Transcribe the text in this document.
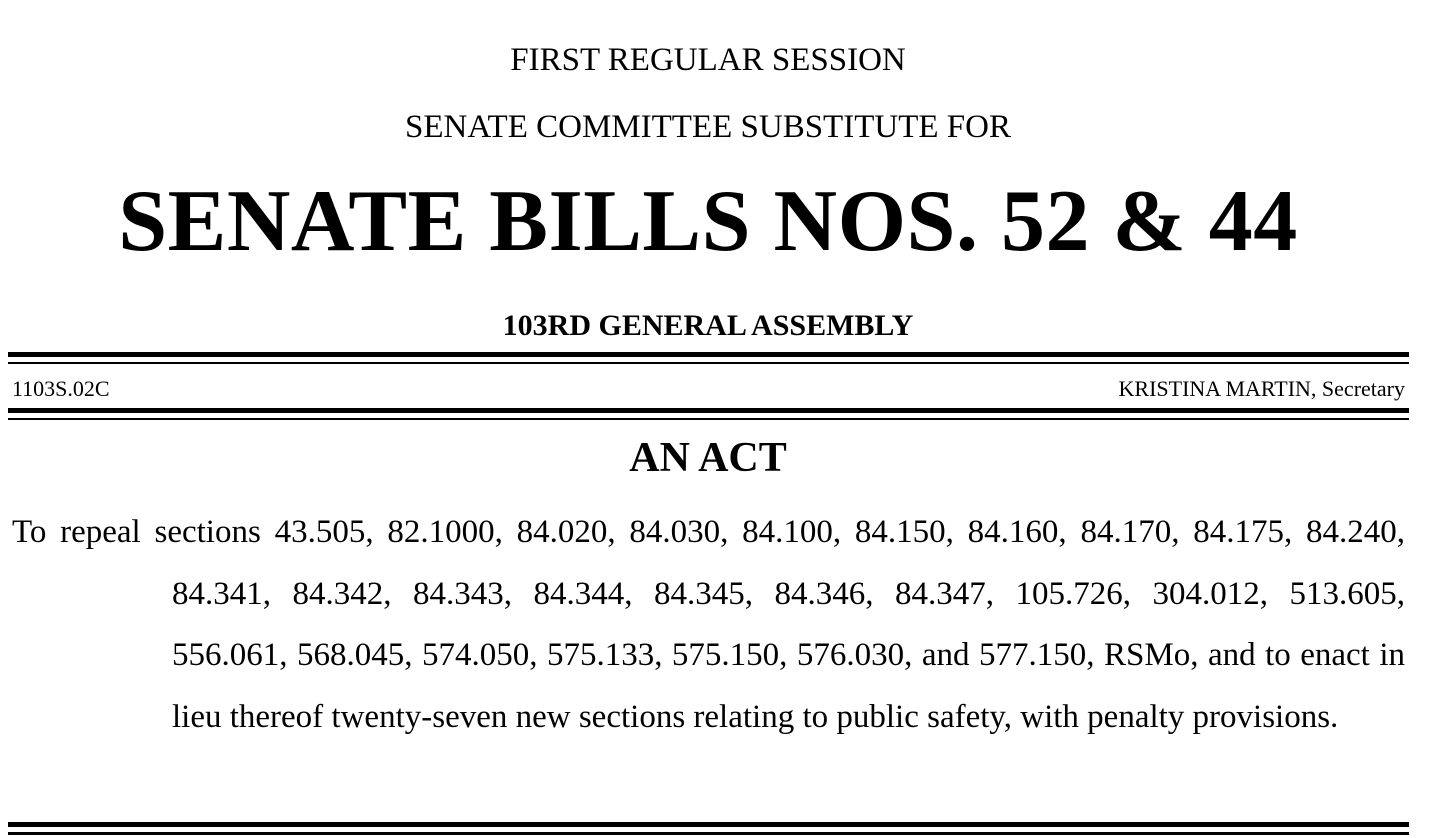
FIRST REGULAR SESSION
SENATE COMMITTEE SUBSTITUTE FOR
SENATE BILLS NOS. 52 & 44
103RD GENERAL ASSEMBLY
1103S.02C	KRISTINA MARTIN, Secretary
AN ACT
To repeal sections 43.505, 82.1000, 84.020, 84.030, 84.100, 84.150, 84.160, 84.170, 84.175, 84.240, 84.341, 84.342, 84.343, 84.344, 84.345, 84.346, 84.347, 105.726, 304.012, 513.605, 556.061, 568.045, 574.050, 575.133, 575.150, 576.030, and 577.150, RSMo, and to enact in lieu thereof twenty-seven new sections relating to public safety, with penalty provisions.
